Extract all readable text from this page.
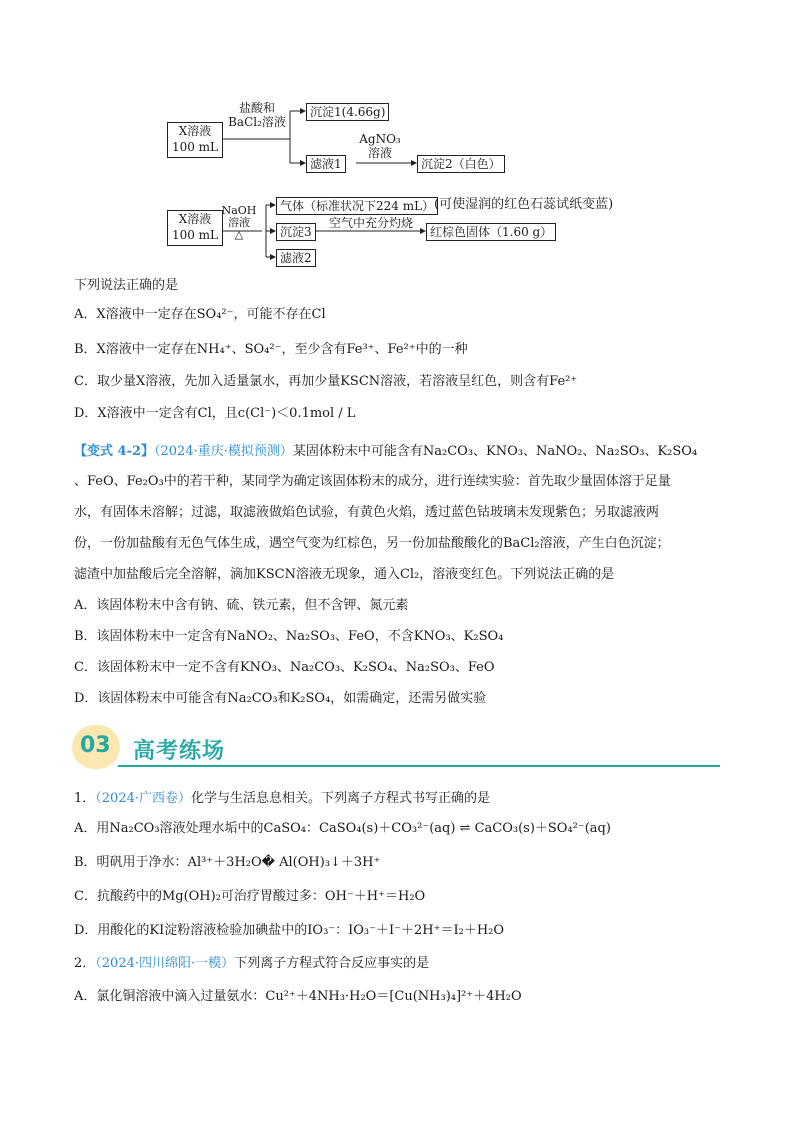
X溶液
100 mL
盐酸和
BaCl₂溶液
沉淀1(4.66g)
滤液1
AgNO₃
溶液
沉淀2（白色）
X溶液
100 mL
NaOH
溶液
△
气体（标准状况下224 mL） (可使湿润的红色石蕊试纸变蓝)
沉淀3
空气中充分灼烧
红棕色固体（1.60 g）
滤液2
下列说法正确的是
A．X溶液中一定存在SO₄²⁻，可能不存在Cl
B．X溶液中一定存在NH₄⁺、SO₄²⁻，至少含有Fe³⁺、Fe²⁺中的一种
C．取少量X溶液，先加入适量氯水，再加少量KSCN溶液，若溶液呈红色，则含有Fe²⁺
D．X溶液中一定含有Cl，且c(Cl⁻)＜0.1mol / L
【变式 4-2】（2024·重庆·模拟预测）某固体粉末中可能含有Na₂CO₃、KNO₃、NaNO₂、Na₂SO₃、K₂SO₄
、FeO、Fe₂O₃中的若干种，某同学为确定该固体粉末的成分，进行连续实验：首先取少量固体溶于足量
水，有固体未溶解；过滤，取滤液做焰色试验，有黄色火焰，透过蓝色钴玻璃未发现紫色；另取滤液两
份，一份加盐酸有无色气体生成，遇空气变为红棕色，另一份加盐酸酸化的BaCl₂溶液，产生白色沉淀；
滤渣中加盐酸后完全溶解，滴加KSCN溶液无现象，通入Cl₂，溶液变红色。下列说法正确的是
A．该固体粉末中含有钠、硫、铁元素，但不含钾、氮元素
B．该固体粉末中一定含有NaNO₂、Na₂SO₃、FeO，不含KNO₃、K₂SO₄
C．该固体粉末中一定不含有KNO₃、Na₂CO₃、K₂SO₄、Na₂SO₃、FeO
D．该固体粉末中可能含有Na₂CO₃和K₂SO₄，如需确定，还需另做实验
03 高考练场
1．（2024·广西卷）化学与生活息息相关。下列离子方程式书写正确的是
A．用Na₂CO₃溶液处理水垢中的CaSO₄：CaSO₄(s)＋CO₃²⁻(aq) ⇌ CaCO₃(s)＋SO₄²⁻(aq)
B．明矾用于净水：Al³⁺＋3H₂O� Al(OH)₃↓＋3H⁺
C．抗酸药中的Mg(OH)₂可治疗胃酸过多：OH⁻＋H⁺＝H₂O
D．用酸化的KI淀粉溶液检验加碘盐中的IO₃⁻：IO₃⁻＋I⁻＋2H⁺＝I₂＋H₂O
2．（2024·四川绵阳·一模）下列离子方程式符合反应事实的是
A．氯化铜溶液中滴入过量氨水：Cu²⁺＋4NH₃·H₂O＝[Cu(NH₃)₄]²⁺＋4H₂O
